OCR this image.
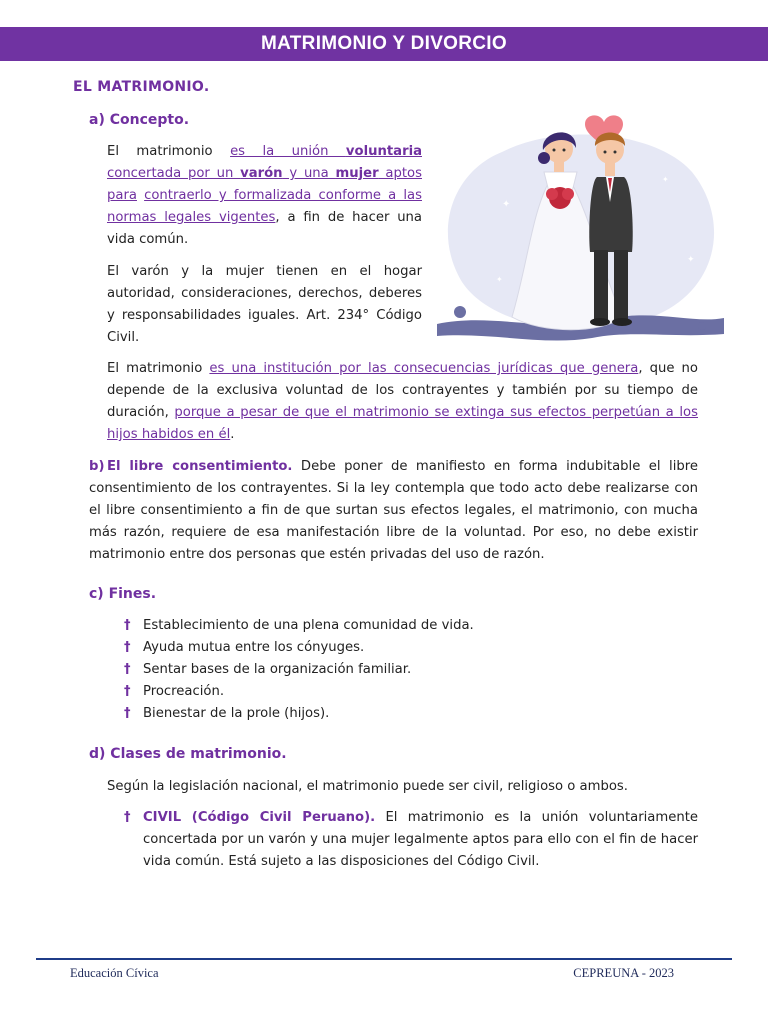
MATRIMONIO Y DIVORCIO
EL MATRIMONIO.
a) Concepto.
El matrimonio es la unión voluntaria concertada por un varón y una mujer aptos para contraerlo y formalizada conforme a las normas legales vigentes, a fin de hacer una vida común.
El varón y la mujer tienen en el hogar autoridad, consideraciones, derechos, deberes y responsabilidades iguales. Art. 234° Código Civil.
El matrimonio es una institución por las consecuencias jurídicas que genera, que no depende de la exclusiva voluntad de los contrayentes y también por su tiempo de duración, porque a pesar de que el matrimonio se extinga sus efectos perpetúan a los hijos habidos en él.
✦
✦
✦
✦
b) El libre consentimiento. Debe poner de manifiesto en forma indubitable el libre consentimiento de los contrayentes. Si la ley contempla que todo acto debe realizarse con el libre consentimiento a fin de que surtan sus efectos legales, el matrimonio, con mucha más razón, requiere de esa manifestación libre de la voluntad. Por eso, no debe existir matrimonio entre dos personas que estén privadas del uso de razón.
c) Fines.
† Establecimiento de una plena comunidad de vida.
† Ayuda mutua entre los cónyuges.
† Sentar bases de la organización familiar.
† Procreación.
† Bienestar de la prole (hijos).
d) Clases de matrimonio.
Según la legislación nacional, el matrimonio puede ser civil, religioso o ambos.
† CIVIL (Código Civil Peruano). El matrimonio es la unión voluntariamente concertada por un varón y una mujer legalmente aptos para ello con el fin de hacer vida común. Está sujeto a las disposiciones del Código Civil.
Educación Cívica	CEPREUNA - 2023
